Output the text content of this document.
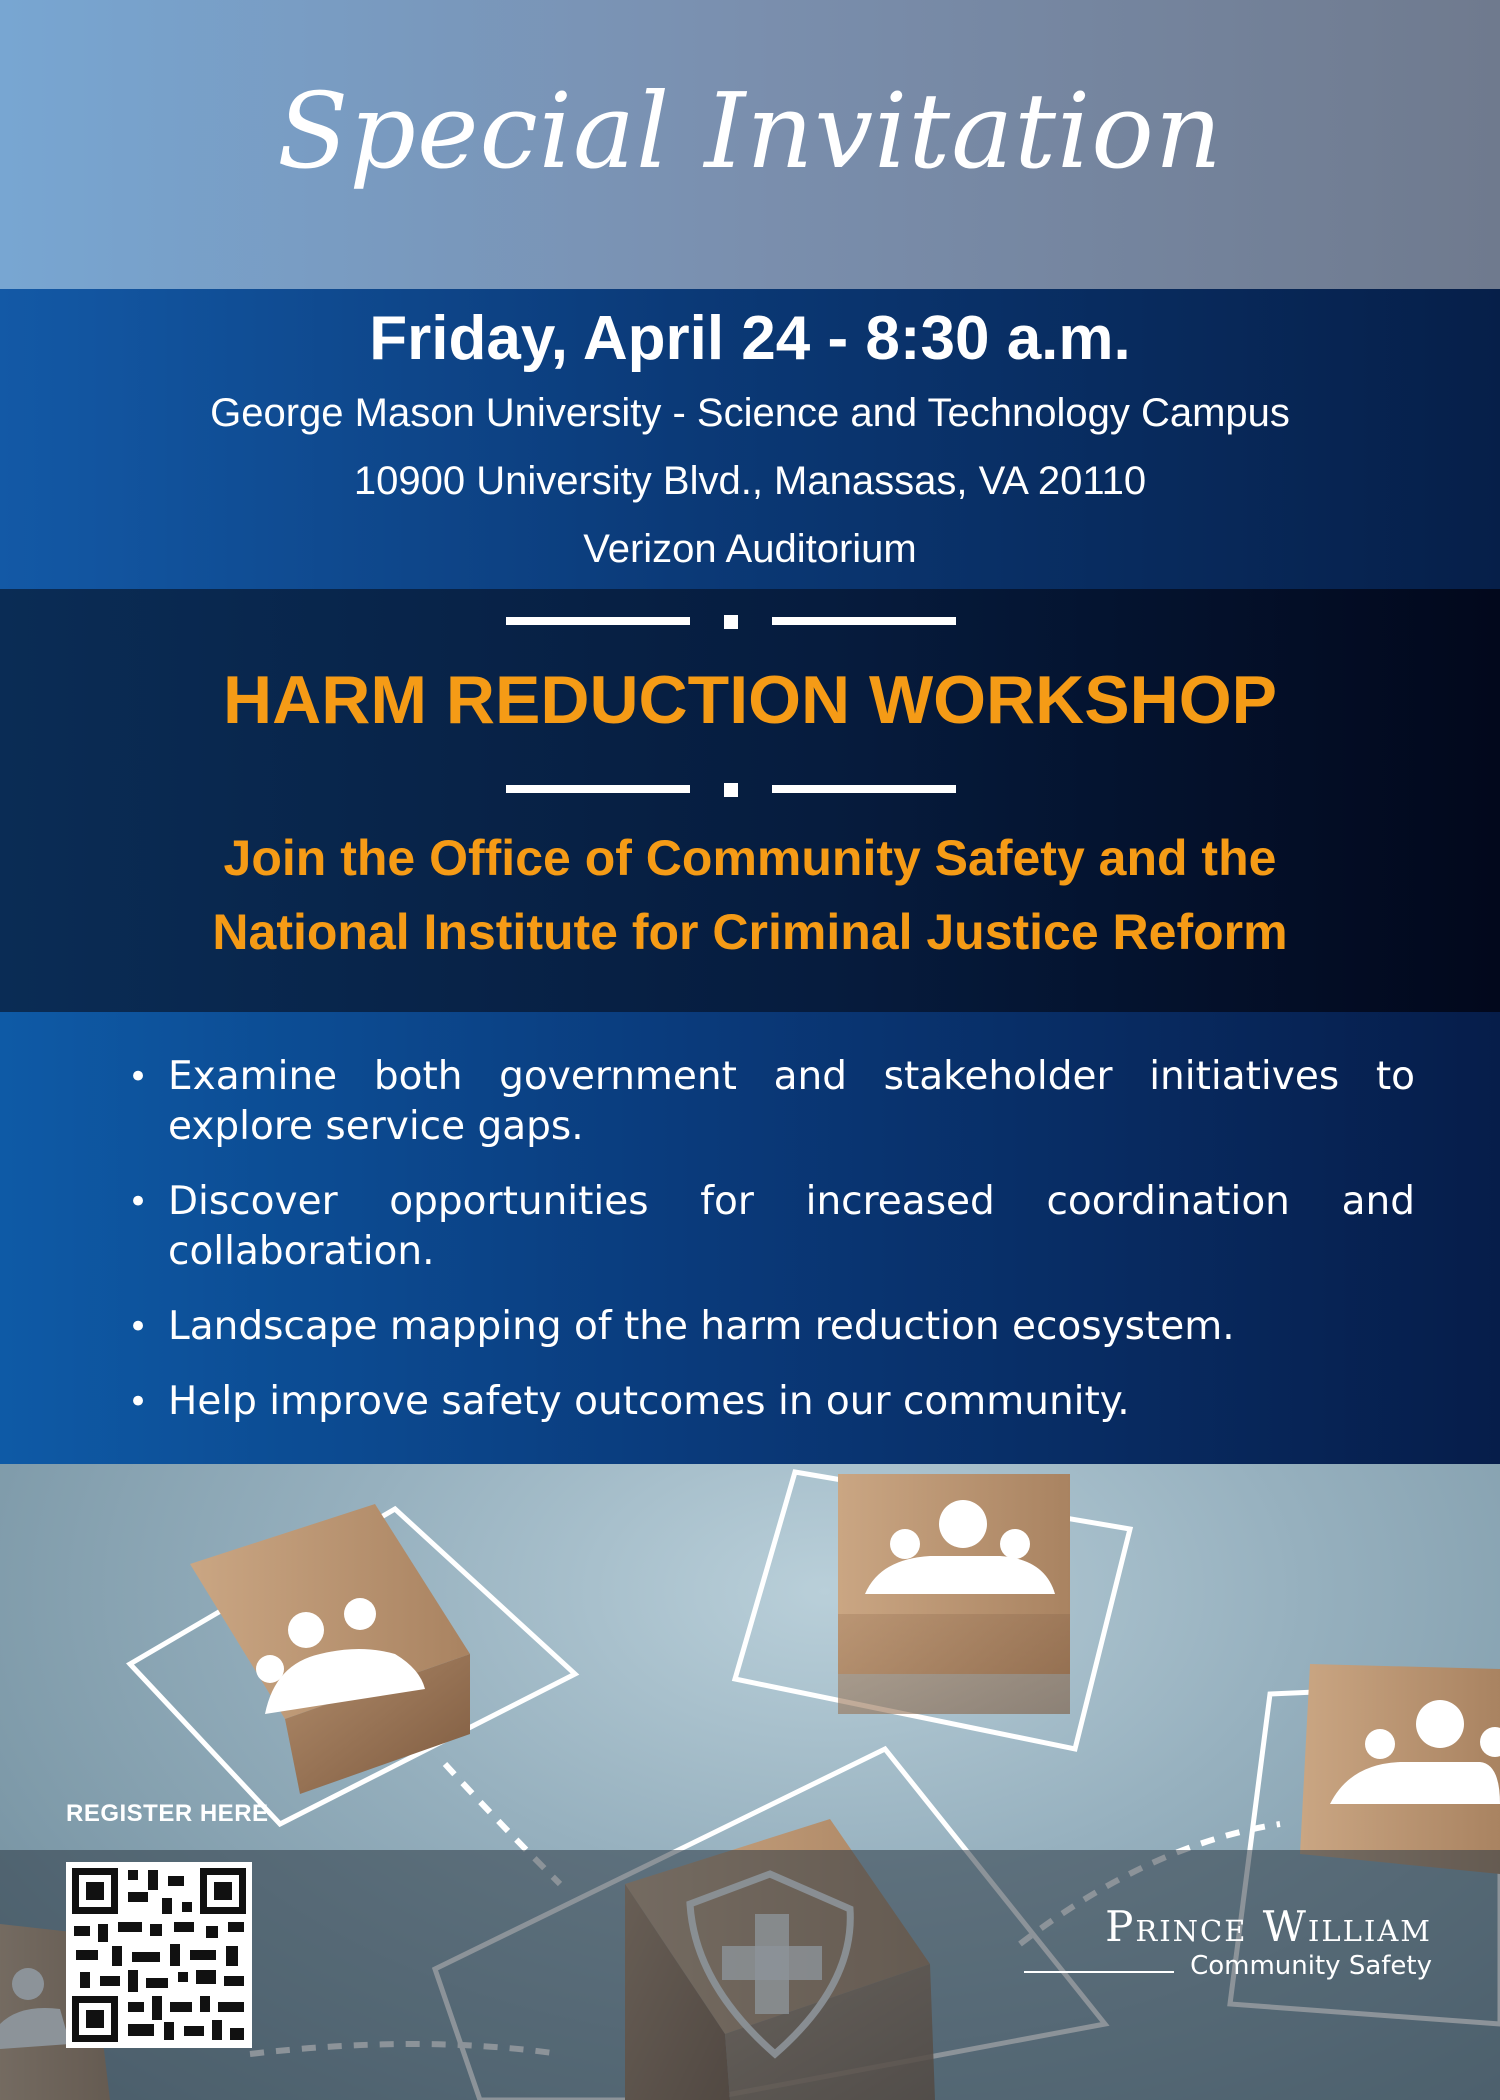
Special Invitation
Friday, April 24 - 8:30 a.m.
George Mason University - Science and Technology Campus
10900 University Blvd., Manassas, VA 20110
Verizon Auditorium
HARM REDUCTION WORKSHOP
Join the Office of Community Safety and the
National Institute for Criminal Justice Reform
• Examine both government and stakeholder initiatives to explore service gaps.
• Discover opportunities for increased coordination and collaboration.
• Landscape mapping of the harm reduction ecosystem.
• Help improve safety outcomes in our community.
REGISTER HERE
Prince William
Community Safety
